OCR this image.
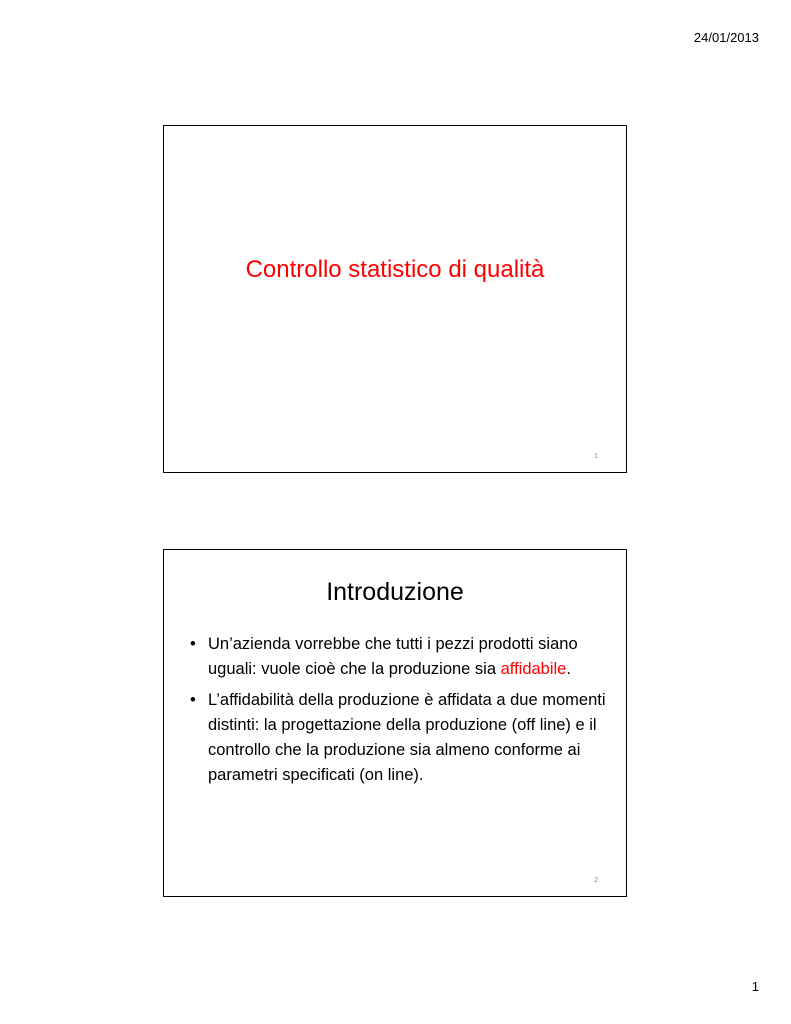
24/01/2013
Controllo statistico di qualità
1
Introduzione
• Un’azienda vorrebbe che tutti i pezzi prodotti siano uguali: vuole cioè che la produzione sia affidabile.
• L’affidabilità della produzione è affidata a due momenti distinti: la progettazione della produzione (off line) e il controllo che la produzione sia almeno conforme ai parametri specificati (on line).
2
1
